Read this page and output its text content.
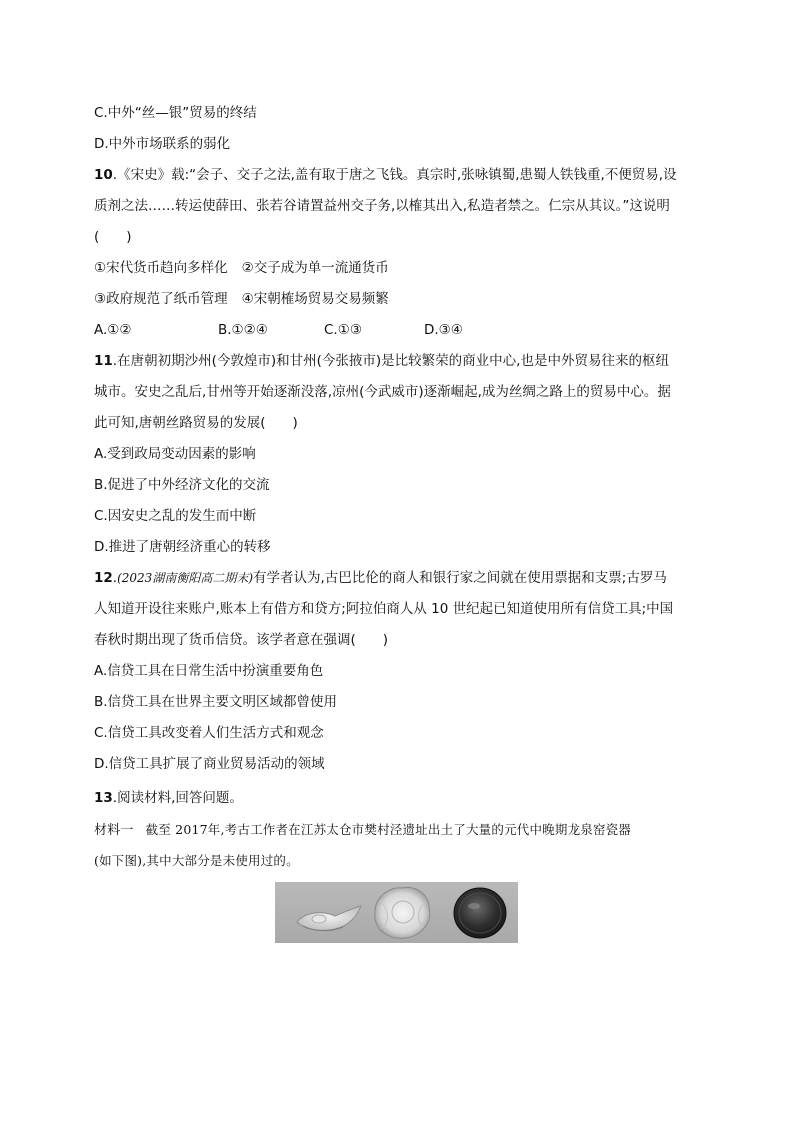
C.中外“丝—银”贸易的终结
D.中外市场联系的弱化
10.《宋史》载:“会子、交子之法,盖有取于唐之飞钱。真宗时,张咏镇蜀,患蜀人铁钱重,不便贸易,设
质剂之法……转运使薛田、张若谷请置益州交子务,以榷其出入,私造者禁之。仁宗从其议。”这说明
(　　)
①宋代货币趋向多样化 ②交子成为单一流通货币
③政府规范了纸币管理 ④宋朝榷场贸易交易频繁
A.①②	B.①②④	C.①③	D.③④
11.在唐朝初期沙州(今敦煌市)和甘州(今张掖市)是比较繁荣的商业中心,也是中外贸易往来的枢纽
城市。安史之乱后,甘州等开始逐渐没落,凉州(今武威市)逐渐崛起,成为丝绸之路上的贸易中心。据
此可知,唐朝丝路贸易的发展(　　)
A.受到政局变动因素的影响
B.促进了中外经济文化的交流
C.因安史之乱的发生而中断
D.推进了唐朝经济重心的转移
12.(2023湖南衡阳高二期末)有学者认为,古巴比伦的商人和银行家之间就在使用票据和支票;古罗马
人知道开设往来账户,账本上有借方和贷方;阿拉伯商人从 10 世纪起已知道使用所有信贷工具;中国
春秋时期出现了货币信贷。该学者意在强调(　　)
A.信贷工具在日常生活中扮演重要角色
B.信贷工具在世界主要文明区域都曾使用
C.信贷工具改变着人们生活方式和观念
D.信贷工具扩展了商业贸易活动的领域
13.阅读材料,回答问题。
材料一 截至 2017年,考古工作者在江苏太仓市樊村泾遗址出土了大量的元代中晚期龙泉窑瓷器
(如下图),其中大部分是未使用过的。
